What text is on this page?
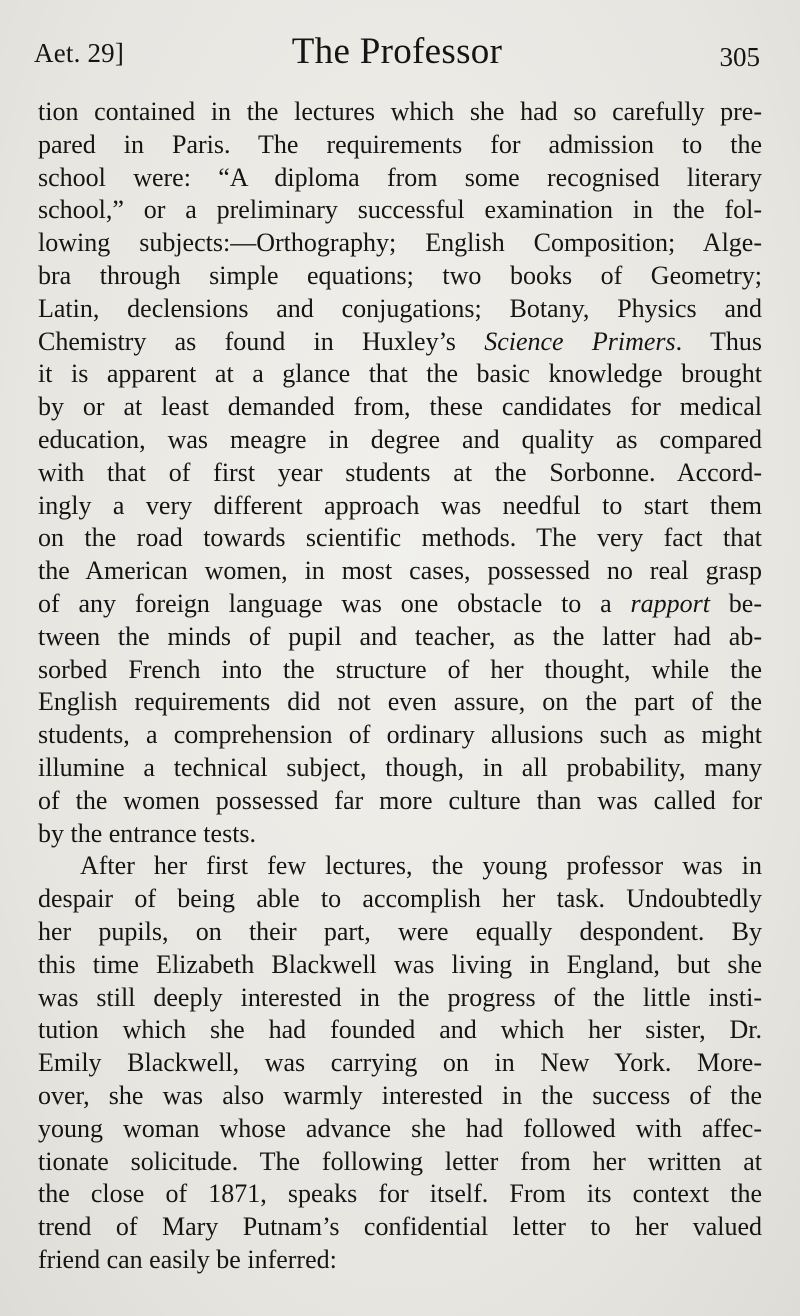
Aet. 29]	The Professor	305
tion contained in the lectures which she had so carefully pre-
pared in Paris. The requirements for admission to the
school were: “A diploma from some recognised literary
school,” or a preliminary successful examination in the fol-
lowing subjects:—Orthography; English Composition; Alge-
bra through simple equations; two books of Geometry;
Latin, declensions and conjugations; Botany, Physics and
Chemistry as found in Huxley’s Science Primers. Thus
it is apparent at a glance that the basic knowledge brought
by or at least demanded from, these candidates for medical
education, was meagre in degree and quality as compared
with that of first year students at the Sorbonne. Accord-
ingly a very different approach was needful to start them
on the road towards scientific methods. The very fact that
the American women, in most cases, possessed no real grasp
of any foreign language was one obstacle to a rapport be-
tween the minds of pupil and teacher, as the latter had ab-
sorbed French into the structure of her thought, while the
English requirements did not even assure, on the part of the
students, a comprehension of ordinary allusions such as might
illumine a technical subject, though, in all probability, many
of the women possessed far more culture than was called for
by the entrance tests.
After her first few lectures, the young professor was in
despair of being able to accomplish her task. Undoubtedly
her pupils, on their part, were equally despondent. By
this time Elizabeth Blackwell was living in England, but she
was still deeply interested in the progress of the little insti-
tution which she had founded and which her sister, Dr.
Emily Blackwell, was carrying on in New York. More-
over, she was also warmly interested in the success of the
young woman whose advance she had followed with affec-
tionate solicitude. The following letter from her written at
the close of 1871, speaks for itself. From its context the
trend of Mary Putnam’s confidential letter to her valued
friend can easily be inferred:
